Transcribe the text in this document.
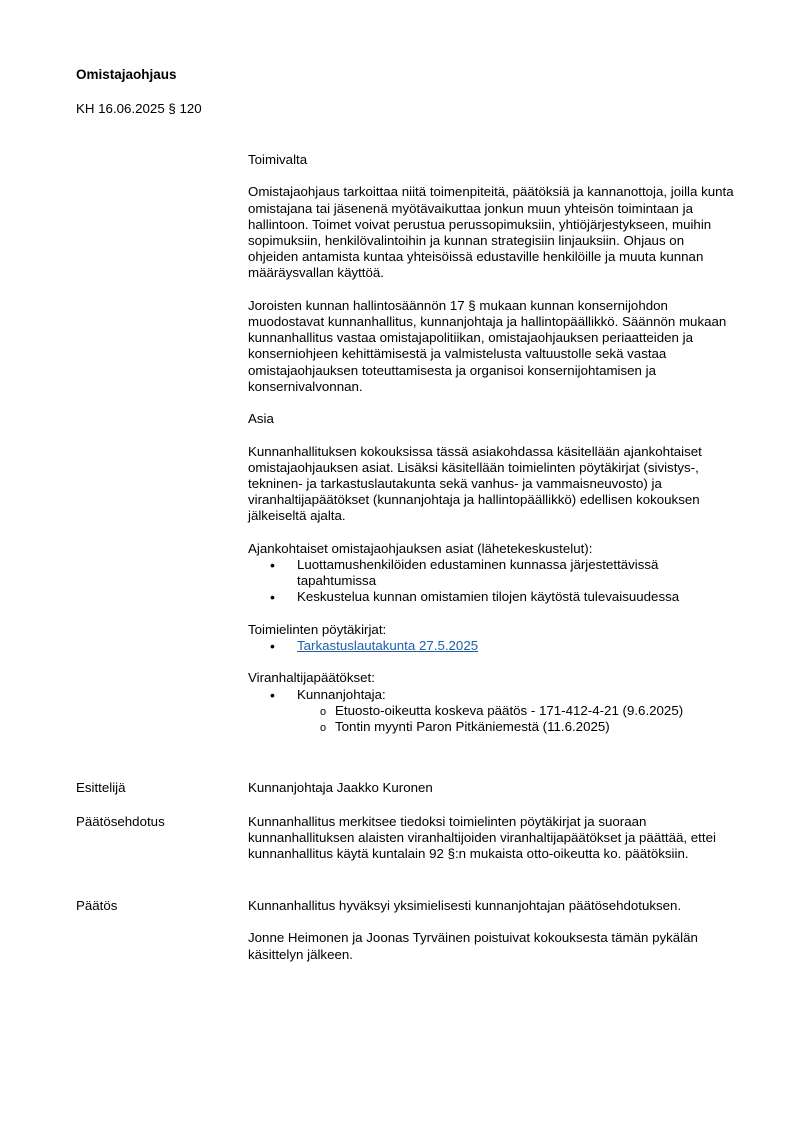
Omistajaohjaus
KH 16.06.2025 § 120

Toimivalta

Omistajaohjaus tarkoittaa niitä toimenpiteitä, päätöksiä ja kannanottoja, joilla kunta omistajana tai jäsenenä myötävaikuttaa jonkun muun yhteisön toimintaan ja hallintoon. Toimet voivat perustua perussopimuksiin, yhtiöjärjestykseen, muihin sopimuksiin, henkilövalintoihin ja kunnan strategisiin linjauksiin. Ohjaus on ohjeiden antamista kuntaa yhteisöissä edustaville henkilöille ja muuta kunnan määräysvallan käyttöä.

Joroisten kunnan hallintosäännön 17 § mukaan kunnan konsernijohdon muodostavat kunnanhallitus, kunnanjohtaja ja hallintopäällikkö. Säännön mukaan kunnanhallitus vastaa omistajapolitiikan, omistajaohjauksen periaatteiden ja konserniohjeen kehittämisestä ja valmistelusta valtuustolle sekä vastaa omistajaohjauksen toteuttamisesta ja organisoi konsernijohtamisen ja konsernivalvonnan.

Asia

Kunnanhallituksen kokouksissa tässä asiakohdassa käsitellään ajankohtaiset omistajaohjauksen asiat. Lisäksi käsitellään toimielinten pöytäkirjat (sivistys-, tekninen- ja tarkastuslautakunta sekä vanhus- ja vammaisneuvosto) ja viranhaltijapäätökset (kunnanjohtaja ja hallintopäällikkö) edellisen kokouksen jälkeiseltä ajalta.

Ajankohtaiset omistajaohjauksen asiat (lähetekeskustelut):

• Luottamushenkilöiden edustaminen kunnassa järjestettävissä tapahtumissa
• Keskustelua kunnan omistamien tilojen käytöstä tulevaisuudessa

Toimielinten pöytäkirjat:

• Tarkastuslautakunta 27.5.2025

Viranhaltijapäätökset:

• Kunnanjohtaja:
o Etuosto-oikeutta koskeva päätös - 171-412-4-21 (9.6.2025)
o Tontin myynti Paron Pitkäniemestä (11.6.2025)
Esittelijä	Kunnanjohtaja Jaakko Kuronen
Päätösehdotus	Kunnanhallitus merkitsee tiedoksi toimielinten pöytäkirjat ja suoraan kunnanhallituksen alaisten viranhaltijoiden viranhaltijapäätökset ja päättää, ettei kunnanhallitus käytä kuntalain 92 §:n mukaista otto-oikeutta ko. päätöksiin.
Päätös	Kunnanhallitus hyväksyi yksimielisesti kunnanjohtajan päätösehdotuksen.

Jonne Heimonen ja Joonas Tyrväinen poistuivat kokouksesta tämän pykälän käsittelyn jälkeen.
